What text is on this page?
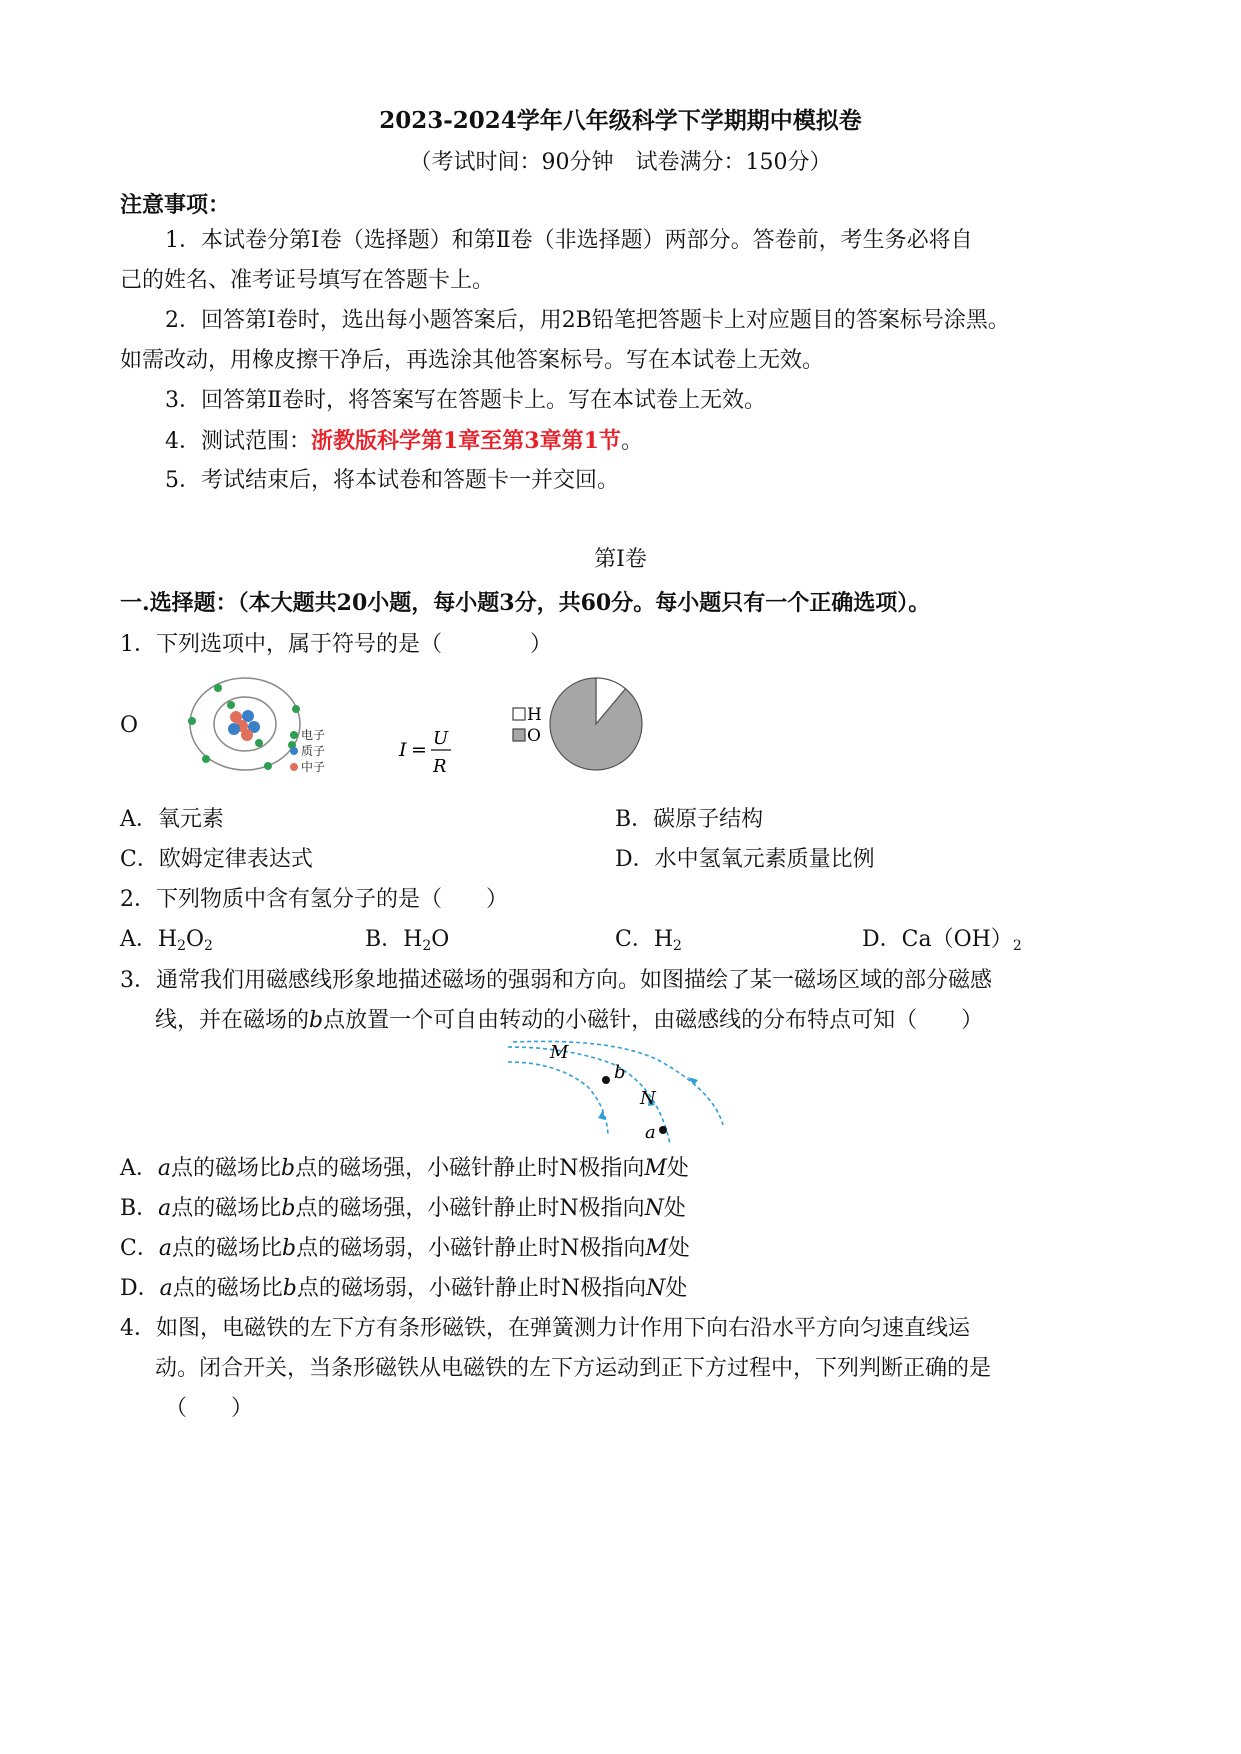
2023-2024学年八年级科学下学期期中模拟卷
（考试时间：90分钟　试卷满分：150分）
注意事项：
1．本试卷分第Ⅰ卷（选择题）和第Ⅱ卷（非选择题）两部分。答卷前，考生务必将自
己的姓名、准考证号填写在答题卡上。
2．回答第Ⅰ卷时，选出每小题答案后，用2B铅笔把答题卡上对应题目的答案标号涂黑。
如需改动，用橡皮擦干净后，再选涂其他答案标号。写在本试卷上无效。
3．回答第Ⅱ卷时，将答案写在答题卡上。写在本试卷上无效。
4．测试范围：浙教版科学第1章至第3章第1节。
5．考试结束后，将本试卷和答题卡一并交回。
第Ⅰ卷
一.选择题：（本大题共20小题，每小题3分，共60分。每小题只有一个正确选项）。
1．下列选项中，属于符号的是（　　　　）
O	电子
质子
中子
I =
U
R
H
O
A．氧元素	B．碳原子结构
C．欧姆定律表达式	D．水中氢氧元素质量比例
2．下列物质中含有氢分子的是（　　）
A．$H_2O_2$	B．$H_2O$	C．$H_2$	D．$Ca(OH)_2$
3．通常我们用磁感线形象地描述磁场的强弱和方向。如图描绘了某一磁场区域的部分磁感
线，并在磁场的b点放置一个可自由转动的小磁针，由磁感线的分布特点可知（　　）
M
b
N
a
A．a点的磁场比b点的磁场强，小磁针静止时N极指向M处
B．a点的磁场比b点的磁场强，小磁针静止时N极指向N处
C．a点的磁场比b点的磁场弱，小磁针静止时N极指向M处
D．a点的磁场比b点的磁场弱，小磁针静止时N极指向N处
4．如图，电磁铁的左下方有条形磁铁，在弹簧测力计作用下向右沿水平方向匀速直线运
动。闭合开关，当条形磁铁从电磁铁的左下方运动到正下方过程中，下列判断正确的是
（　　）
